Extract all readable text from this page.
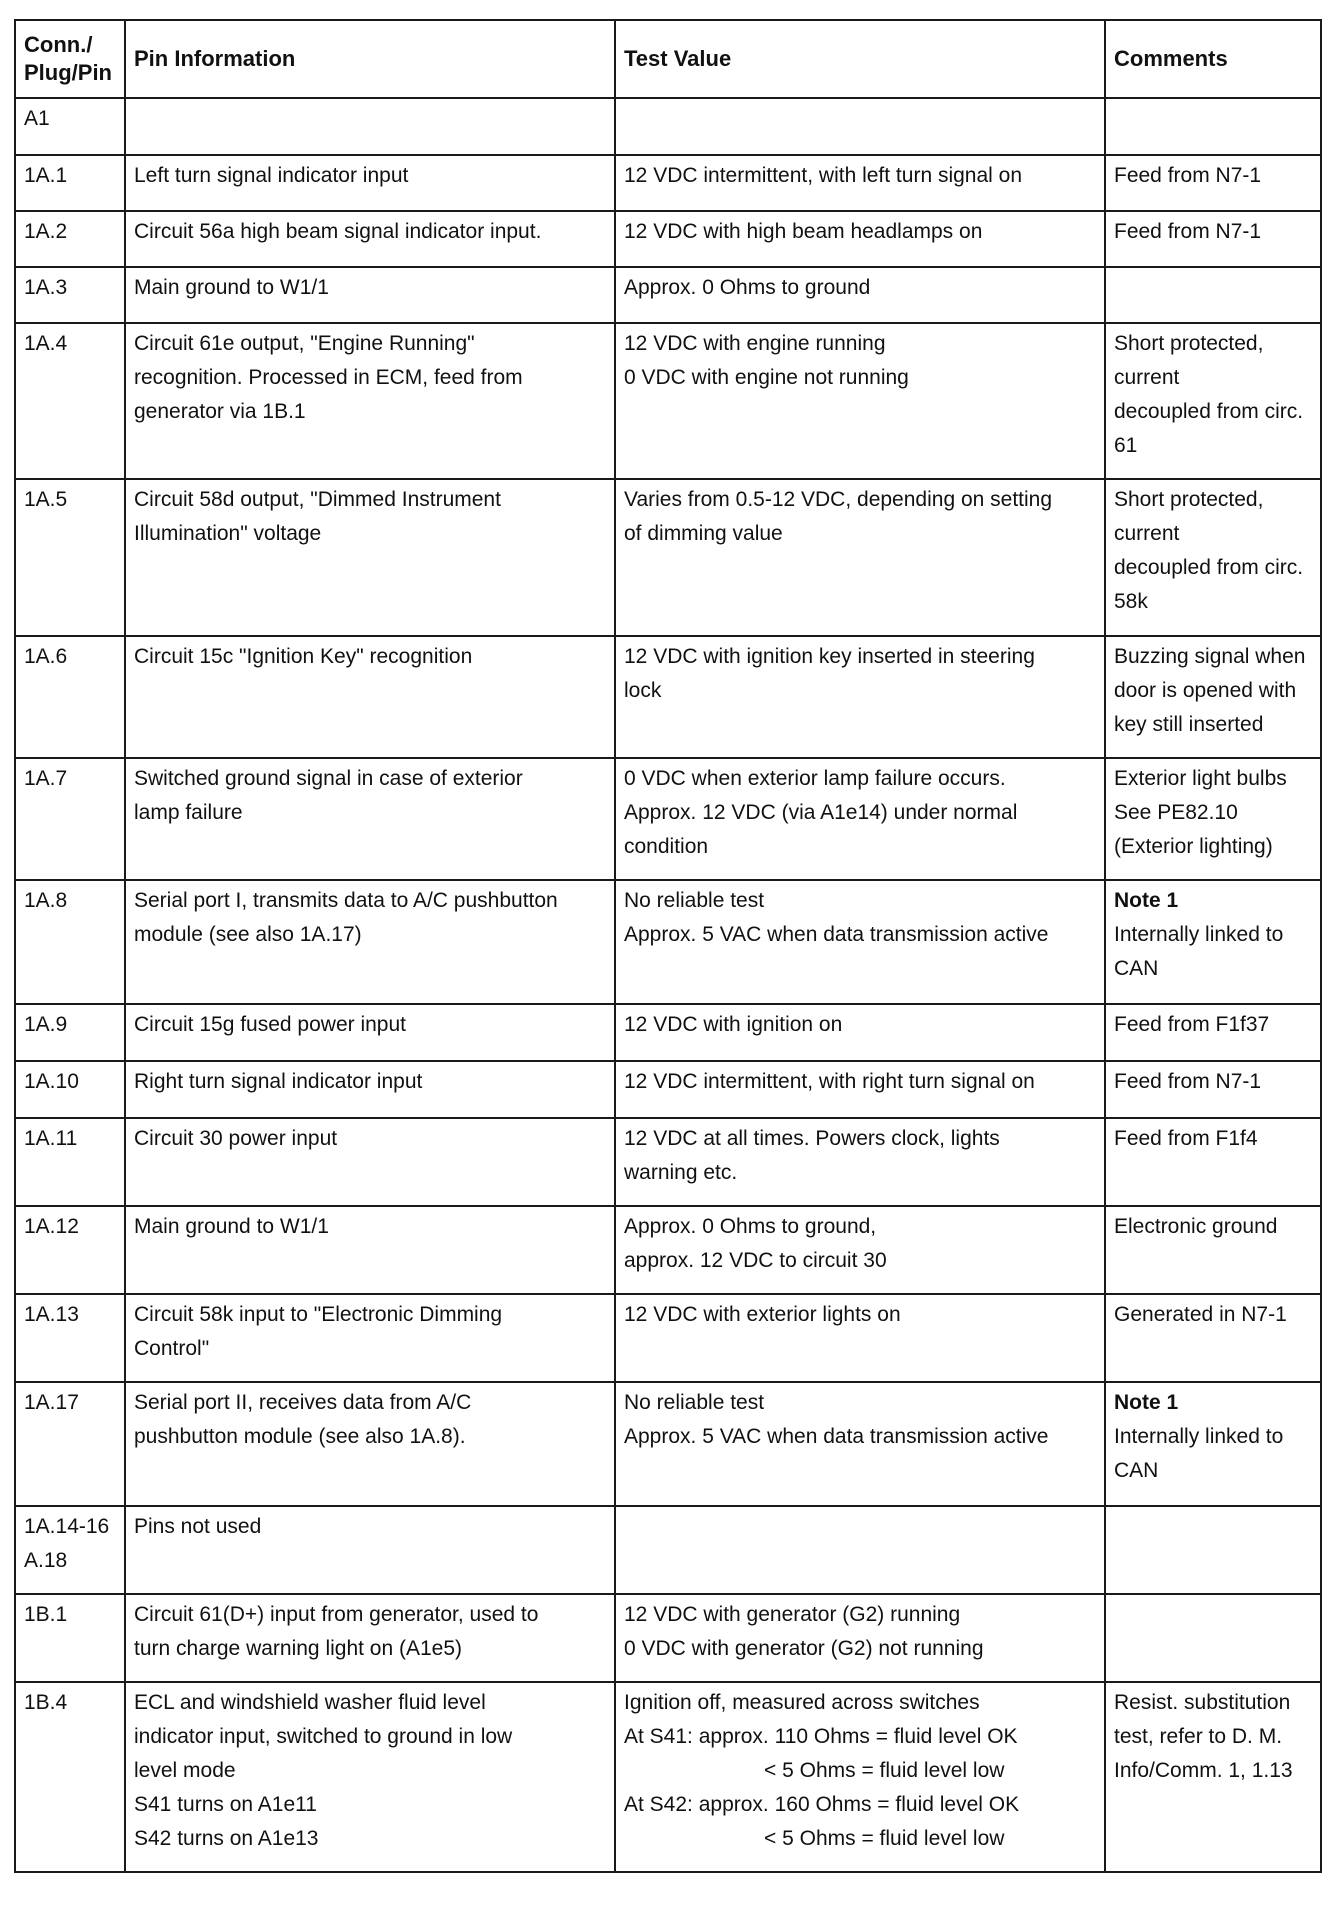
Conn./
Plug/Pin	Pin Information	Test Value	Comments

A1			

1A.1	Left turn signal indicator input	12 VDC intermittent, with left turn signal on	Feed from N7-1

1A.2	Circuit 56a high beam signal indicator input.	12 VDC with high beam headlamps on	Feed from N7-1

1A.3	Main ground to W1/1	Approx. 0 Ohms to ground	

1A.4	Circuit 61e output, "Engine Running"
recognition. Processed in ECM, feed from
generator via 1B.1	12 VDC with engine running
0 VDC with engine not running	Short protected,
current
decoupled from circ.
61

1A.5	Circuit 58d output, "Dimmed Instrument
Illumination" voltage	Varies from 0.5-12 VDC, depending on setting
of dimming value	Short protected,
current
decoupled from circ.
58k

1A.6	Circuit 15c "Ignition Key" recognition	12 VDC with ignition key inserted in steering
lock	Buzzing signal when
door is opened with
key still inserted

1A.7	Switched ground signal in case of exterior
lamp failure	0 VDC when exterior lamp failure occurs.
Approx. 12 VDC (via A1e14) under normal
condition	Exterior light bulbs
See PE82.10
(Exterior lighting)

1A.8	Serial port I, transmits data to A/C pushbutton
module (see also 1A.17)	No reliable test
Approx. 5 VAC when data transmission active	Note 1
Internally linked to
CAN

1A.9	Circuit 15g fused power input	12 VDC with ignition on	Feed from F1f37

1A.10	Right turn signal indicator input	12 VDC intermittent, with right turn signal on	Feed from N7-1

1A.11	Circuit 30 power input	12 VDC at all times. Powers clock, lights
warning etc.	Feed from F1f4

1A.12	Main ground to W1/1	Approx. 0 Ohms to ground,
approx. 12 VDC to circuit 30	Electronic ground

1A.13	Circuit 58k input to "Electronic Dimming
Control"	12 VDC with exterior lights on	Generated in N7-1

1A.17	Serial port II, receives data from A/C
pushbutton module (see also 1A.8).	No reliable test
Approx. 5 VAC when data transmission active	Note 1
Internally linked to
CAN

1A.14-16
A.18	Pins not used		

1B.1	Circuit 61(D+) input from generator, used to
turn charge warning light on (A1e5)	12 VDC with generator (G2) running
0 VDC with generator (G2) not running	

1B.4	ECL and windshield washer fluid level
indicator input, switched to ground in low
level mode
S41 turns on A1e11
S42 turns on A1e13	Ignition off, measured across switches
At S41: approx. 110 Ohms = fluid level OK
< 5 Ohms = fluid level low
At S42: approx. 160 Ohms = fluid level OK
< 5 Ohms = fluid level low	Resist. substitution
test, refer to D. M.
Info/Comm. 1, 1.13
